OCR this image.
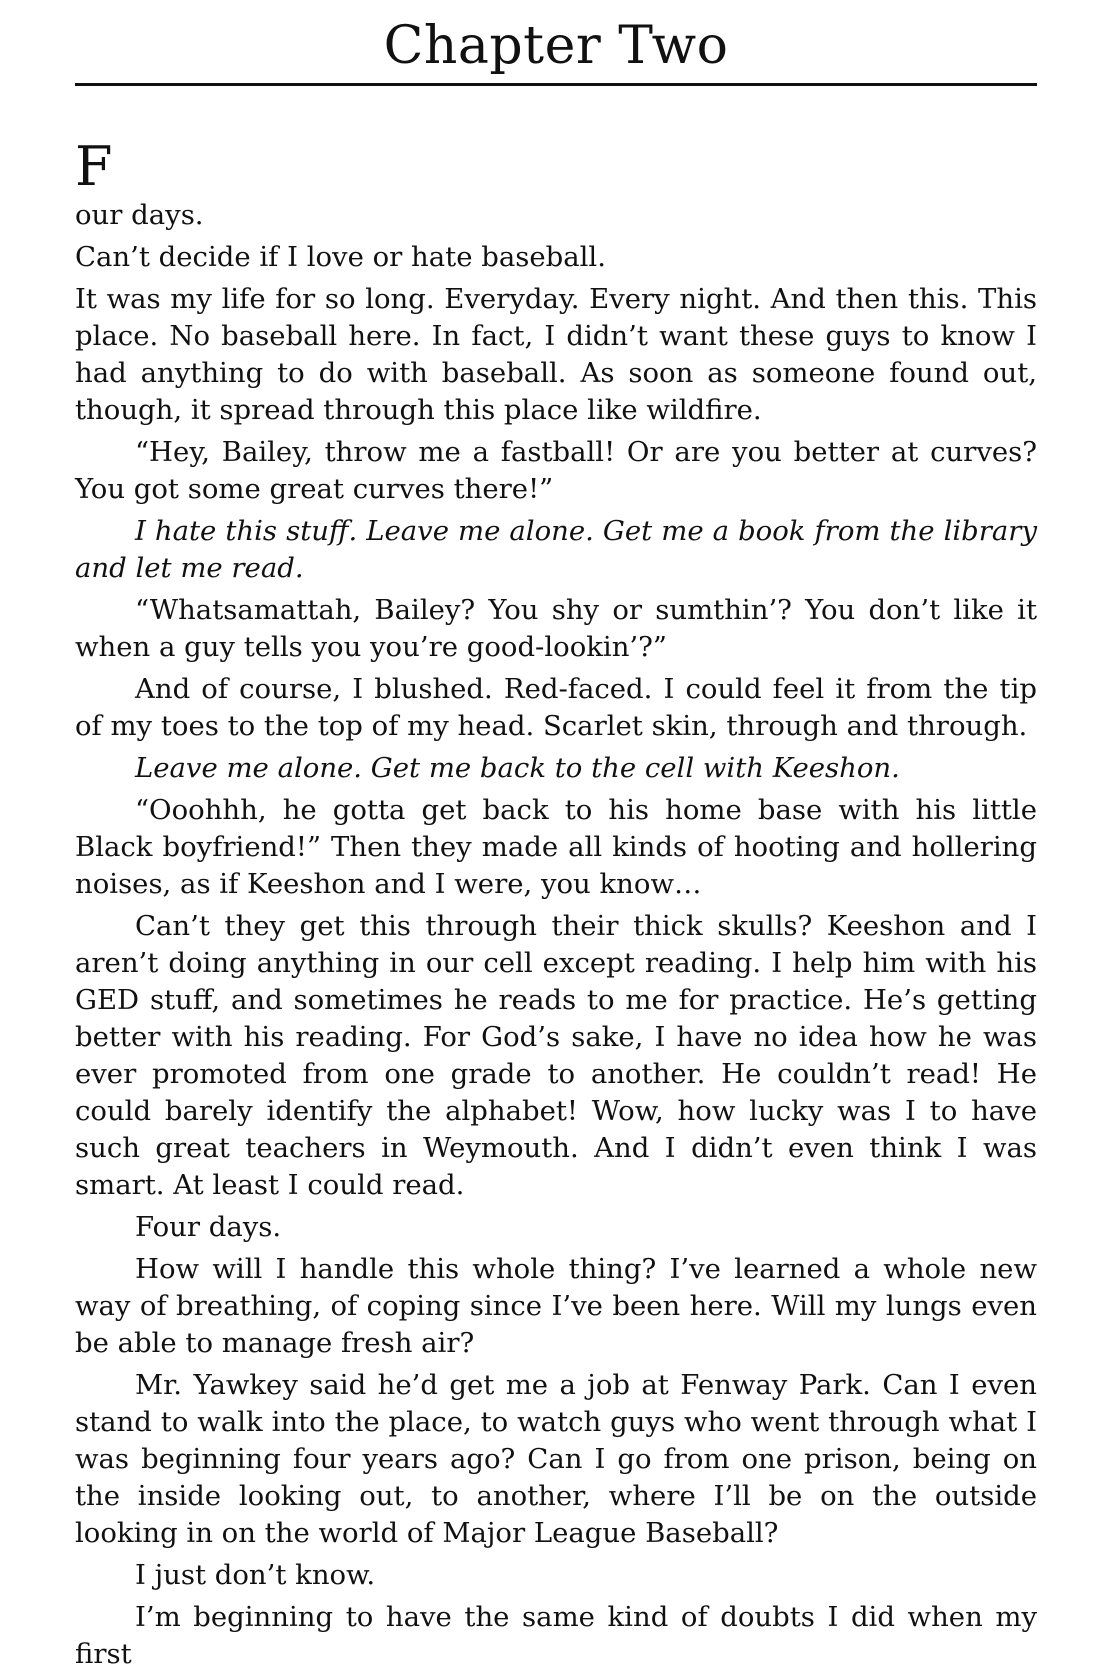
Chapter Two
F

our days.

Can’t decide if I love or hate baseball.

It was my life for so long. Everyday. Every night. And then this. This place. No baseball here. In fact, I didn’t want these guys to know I had anything to do with baseball. As soon as someone found out, though, it spread through this place like wildfire.

“Hey, Bailey, throw me a fastball! Or are you better at curves? You got some great curves there!”

I hate this stuff. Leave me alone. Get me a book from the library and let me read.

“Whatsamattah, Bailey? You shy or sumthin’? You don’t like it when a guy tells you you’re good-lookin’?”

And of course, I blushed. Red-faced. I could feel it from the tip of my toes to the top of my head. Scarlet skin, through and through.

Leave me alone. Get me back to the cell with Keeshon.

“Ooohhh, he gotta get back to his home base with his little Black boyfriend!” Then they made all kinds of hooting and hollering noises, as if Keeshon and I were, you know…

Can’t they get this through their thick skulls? Keeshon and I aren’t doing anything in our cell except reading. I help him with his GED stuff, and sometimes he reads to me for practice. He’s getting better with his reading. For God’s sake, I have no idea how he was ever promoted from one grade to another. He couldn’t read! He could barely identify the alphabet! Wow, how lucky was I to have such great teachers in Weymouth. And I didn’t even think I was smart. At least I could read.

Four days.

How will I handle this whole thing? I’ve learned a whole new way of breathing, of coping since I’ve been here. Will my lungs even be able to manage fresh air?

Mr. Yawkey said he’d get me a job at Fenway Park. Can I even stand to walk into the place, to watch guys who went through what I was beginning four years ago? Can I go from one prison, being on the inside looking out, to another, where I’ll be on the outside looking in on the world of Major League Baseball?

I just don’t know.

I’m beginning to have the same kind of doubts I did when my first
